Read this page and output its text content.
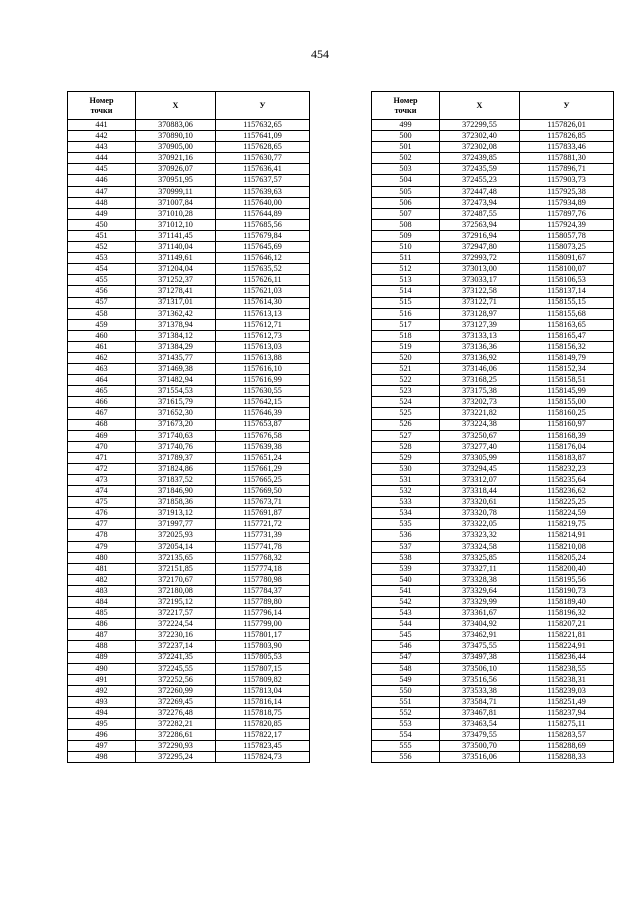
454
Номер
точки	X	У
441	370883,06	1157632,65
442	370890,10	1157641,09
443	370905,00	1157628,65
444	370921,16	1157630,77
445	370926,07	1157636,41
446	370951,95	1157637,57
447	370999,11	1157639,63
448	371007,84	1157640,00
449	371010,28	1157644,89
450	371012,10	1157685,56
451	371141,45	1157679,84
452	371140,04	1157645,69
453	371149,61	1157646,12
454	371204,04	1157635,52
455	371252,37	1157626,11
456	371278,41	1157621,03
457	371317,01	1157614,30
458	371362,42	1157613,13
459	371378,94	1157612,71
460	371384,12	1157612,73
461	371384,29	1157613,03
462	371435,77	1157613,88
463	371469,38	1157616,10
464	371482,94	1157616,99
465	371554,53	1157630,55
466	371615,79	1157642,15
467	371652,30	1157646,39
468	371673,20	1157653,87
469	371740,63	1157676,58
470	371740,76	1157639,38
471	371789,37	1157651,24
472	371824,86	1157661,29
473	371837,52	1157665,25
474	371846,90	1157669,50
475	371858,36	1157673,71
476	371913,12	1157691,87
477	371997,77	1157721,72
478	372025,93	1157731,39
479	372054,14	1157741,78
480	372135,65	1157768,32
481	372151,85	1157774,18
482	372170,67	1157780,98
483	372180,08	1157784,37
484	372195,12	1157789,80
485	372217,57	1157796,14
486	372224,54	1157799,00
487	372230,16	1157801,17
488	372237,14	1157803,90
489	372241,35	1157805,53
490	372245,55	1157807,15
491	372252,56	1157809,82
492	372260,99	1157813,04
493	372269,45	1157816,14
494	372276,48	1157818,75
495	372282,21	1157820,85
496	372286,61	1157822,17
497	372290,93	1157823,45
498	372295,24	1157824,73
Номер
точки	X	У
499	372299,55	1157826,01
500	372302,40	1157826,85
501	372302,08	1157833,46
502	372439,85	1157881,30
503	372435,59	1157896,71
504	372455,23	1157903,73
505	372447,48	1157925,38
506	372473,94	1157934,89
507	372487,55	1157897,76
508	372563,94	1157924,39
509	372916,94	1158057,78
510	372947,80	1158073,25
511	372993,72	1158091,67
512	373013,00	1158100,07
513	373033,17	1158106,53
514	373122,58	1158137,14
515	373122,71	1158155,15
516	373128,97	1158155,68
517	373127,39	1158163,65
518	373133,13	1158165,47
519	373136,36	1158156,32
520	373136,92	1158149,79
521	373146,06	1158152,34
522	373168,25	1158158,51
523	373175,38	1158145,99
524	373202,73	1158155,00
525	373221,82	1158160,25
526	373224,38	1158160,97
527	373250,67	1158168,39
528	373277,40	1158176,04
529	373305,99	1158183,87
530	373294,45	1158232,23
531	373312,07	1158235,64
532	373318,44	1158236,62
533	373320,61	1158225,25
534	373320,78	1158224,59
535	373322,05	1158219,75
536	373323,32	1158214,91
537	373324,58	1158210,08
538	373325,85	1158205,24
539	373327,11	1158200,40
540	373328,38	1158195,56
541	373329,64	1158190,73
542	373329,99	1158189,40
543	373361,67	1158196,32
544	373404,92	1158207,21
545	373462,91	1158221,81
546	373475,55	1158224,91
547	373497,38	1158236,44
548	373506,10	1158238,55
549	373516,56	1158238,31
550	373533,38	1158239,03
551	373584,71	1158251,49
552	373467,81	1158237,94
553	373463,54	1158275,11
554	373479,55	1158283,57
555	373500,70	1158288,69
556	373516,06	1158288,33
